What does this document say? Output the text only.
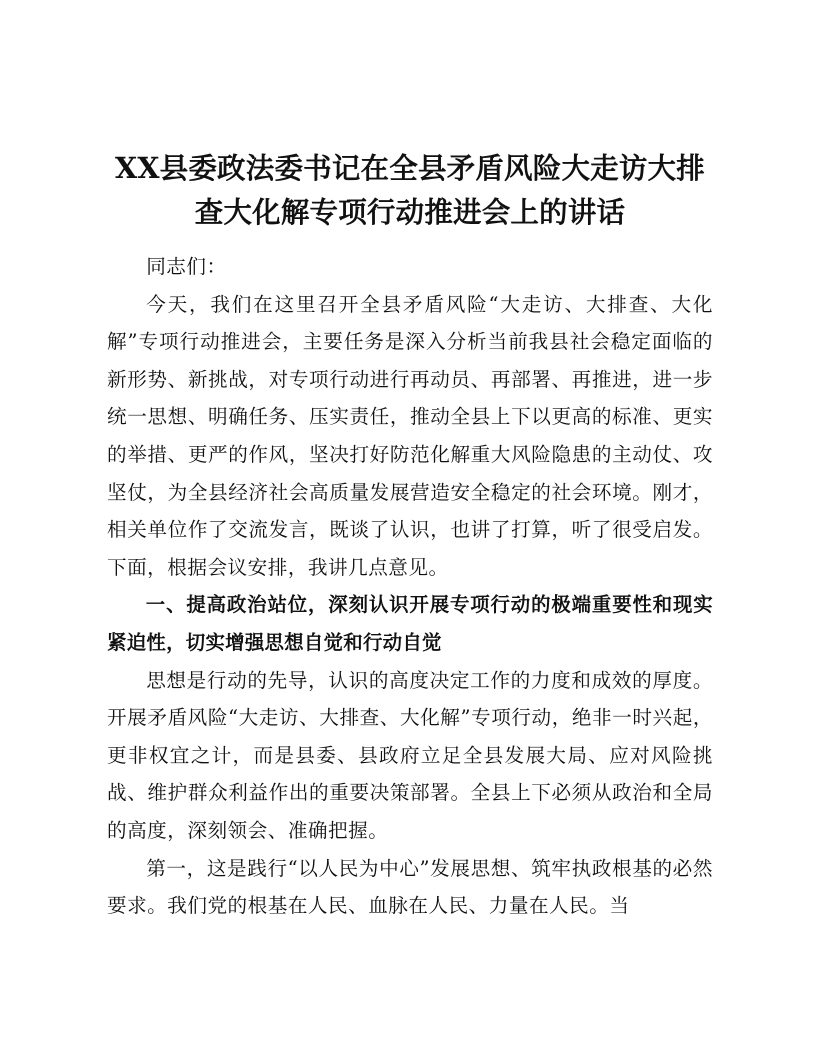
XX县委政法委书记在全县矛盾风险大走访大排查大化解专项行动推进会上的讲话

同志们：

今天，我们在这里召开全县矛盾风险“大走访、大排查、大化解”专项行动推进会，主要任务是深入分析当前我县社会稳定面临的新形势、新挑战，对专项行动进行再动员、再部署、再推进，进一步统一思想、明确任务、压实责任，推动全县上下以更高的标准、更实的举措、更严的作风，坚决打好防范化解重大风险隐患的主动仗、攻坚仗，为全县经济社会高质量发展营造安全稳定的社会环境。刚才，相关单位作了交流发言，既谈了认识，也讲了打算，听了很受启发。下面，根据会议安排，我讲几点意见。

一、提高政治站位，深刻认识开展专项行动的极端重要性和现实紧迫性，切实增强思想自觉和行动自觉

思想是行动的先导，认识的高度决定工作的力度和成效的厚度。开展矛盾风险“大走访、大排查、大化解”专项行动，绝非一时兴起，更非权宜之计，而是县委、县政府立足全县发展大局、应对风险挑战、维护群众利益作出的重要决策部署。全县上下必须从政治和全局的高度，深刻领会、准确把握。

第一，这是践行“以人民为中心”发展思想、筑牢执政根基的必然要求。我们党的根基在人民、血脉在人民、力量在人民。当
